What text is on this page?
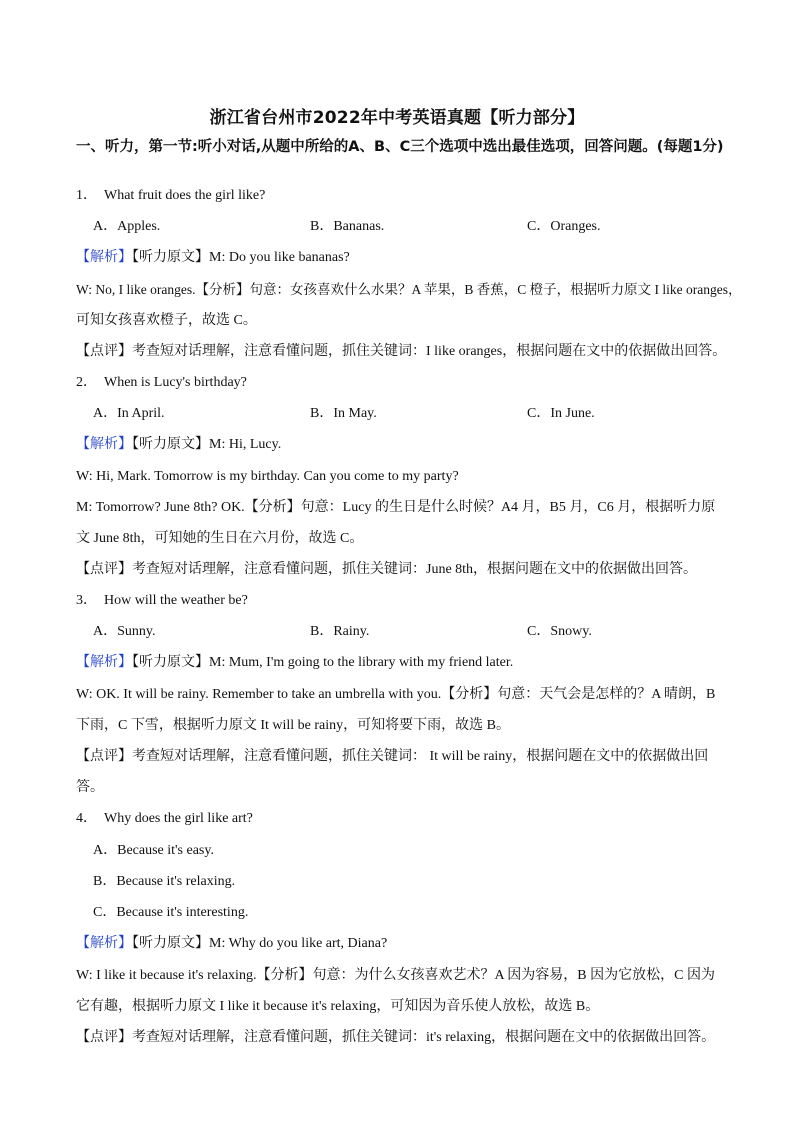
浙江省台州市2022年中考英语真题【听力部分】
一、听力，第一节:听小对话,从题中所给的A、B、C三个选项中选出最佳选项，回答问题。(每题1分)
1． What fruit does the girl like?
A．Apples.	B．Bananas.	C．Oranges.
【解析】【听力原文】M: Do you like bananas?
W: No, I like oranges.【分析】句意：女孩喜欢什么水果？A 苹果，B 香蕉，C 橙子，根据听力原文 I like oranges，
可知女孩喜欢橙子，故选 C。
【点评】考查短对话理解，注意看懂问题，抓住关键词：I like oranges，根据问题在文中的依据做出回答。
2． When is Lucy's birthday?
A．In April.	B．In May.	C．In June.
【解析】【听力原文】M: Hi, Lucy.
W: Hi, Mark. Tomorrow is my birthday. Can you come to my party?
M: Tomorrow? June 8th? OK.【分析】句意：Lucy 的生日是什么时候？A4 月，B5 月，C6 月，根据听力原
文 June 8th，可知她的生日在六月份，故选 C。
【点评】考查短对话理解，注意看懂问题，抓住关键词：June 8th，根据问题在文中的依据做出回答。
3． How will the weather be?
A．Sunny.	B．Rainy.	C．Snowy.
【解析】【听力原文】M: Mum, I'm going to the library with my friend later.
W: OK. It will be rainy. Remember to take an umbrella with you.【分析】句意：天气会是怎样的？A 晴朗，B
下雨，C 下雪，根据听力原文 It will be rainy，可知将要下雨，故选 B。
【点评】考查短对话理解，注意看懂问题，抓住关键词： It will be rainy，根据问题在文中的依据做出回
答。
4． Why does the girl like art?
A．Because it's easy.
B．Because it's relaxing.
C．Because it's interesting.
【解析】【听力原文】M: Why do you like art, Diana?
W: I like it because it's relaxing.【分析】句意：为什么女孩喜欢艺术？A 因为容易，B 因为它放松，C 因为
它有趣，根据听力原文 I like it because it's relaxing，可知因为音乐使人放松，故选 B。
【点评】考查短对话理解，注意看懂问题，抓住关键词：it's relaxing，根据问题在文中的依据做出回答。
